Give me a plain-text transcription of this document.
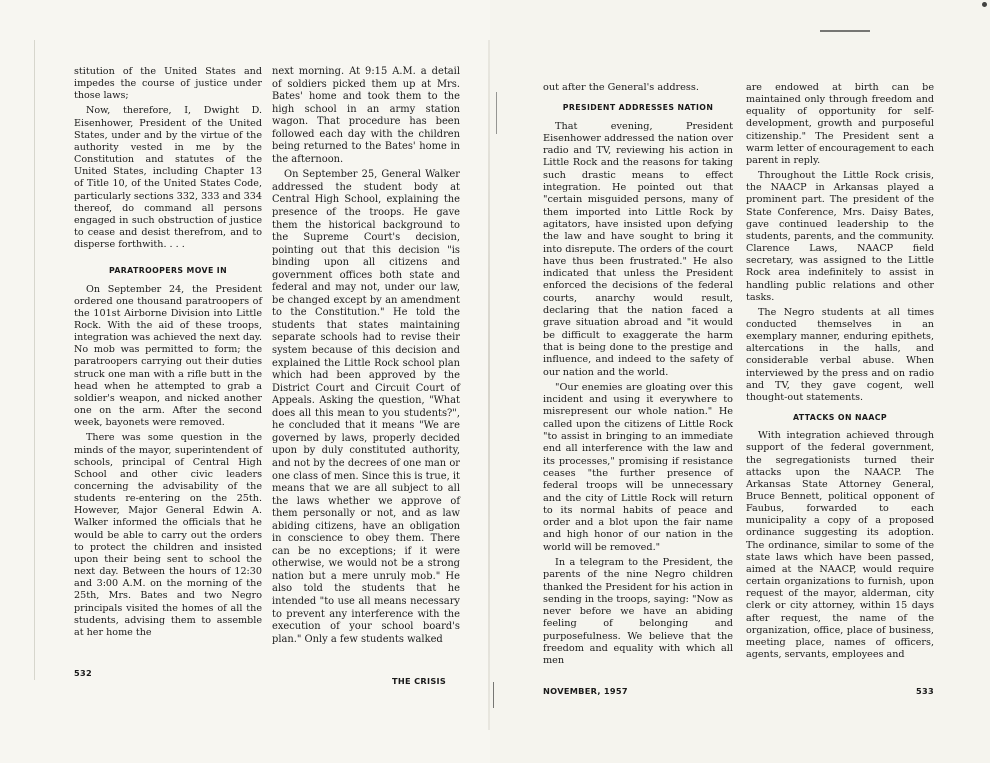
stitution of the United States and impedes the course of justice under those laws;

Now, therefore, I, Dwight D. Eisenhower, President of the United States, under and by the virtue of the authority vested in me by the Constitution and statutes of the United States, including Chapter 13 of Title 10, of the United States Code, particularly sections 332, 333 and 334 thereof, do command all persons engaged in such obstruction of justice to cease and desist therefrom, and to disperse forthwith. . . .

PARATROOPERS MOVE IN

On September 24, the President ordered one thousand paratroopers of the 101st Airborne Division into Little Rock. With the aid of these troops, integration was achieved the next day. No mob was permitted to form; the paratroopers carrying out their duties struck one man with a rifle butt in the head when he attempted to grab a soldier's weapon, and nicked another one on the arm. After the second week, bayonets were removed.

There was some question in the minds of the mayor, superintendent of schools, principal of Central High School and other civic leaders concerning the advisability of the students re-entering on the 25th. However, Major General Edwin A. Walker informed the officials that he would be able to carry out the orders to protect the children and insisted upon their being sent to school the next day. Between the hours of 12:30 and 3:00 A.M. on the morning of the 25th, Mrs. Bates and two Negro principals visited the homes of all the students, advising them to assemble at her home the

next morning. At 9:15 A.M. a detail of soldiers picked them up at Mrs. Bates' home and took them to the high school in an army station wagon. That procedure has been followed each day with the children being returned to the Bates' home in the afternoon.

On September 25, General Walker addressed the student body at Central High School, explaining the presence of the troops. He gave them the historical background to the Supreme Court's decision, pointing out that this decision "is binding upon all citizens and government offices both state and federal and may not, under our law, be changed except by an amendment to the Constitution." He told the students that states maintaining separate schools had to revise their system because of this decision and explained the Little Rock school plan which had been approved by the District Court and Circuit Court of Appeals. Asking the question, "What does all this mean to you students?", he concluded that it means "We are governed by laws, properly decided upon by duly constituted authority, and not by the decrees of one man or one class of men. Since this is true, it means that we are all subject to all the laws whether we approve of them personally or not, and as law abiding citizens, have an obligation in conscience to obey them. There can be no exceptions; if it were otherwise, we would not be a strong nation but a mere unruly mob." He also told the students that he intended "to use all means necessary to prevent any interference with the execution of your school board's plan." Only a few students walked

532
THE CRISIS

out after the General's address.

PRESIDENT ADDRESSES NATION

That evening, President Eisenhower addressed the nation over radio and TV, reviewing his action in Little Rock and the reasons for taking such drastic means to effect integration. He pointed out that "certain misguided persons, many of them imported into Little Rock by agitators, have insisted upon defying the law and have sought to bring it into disrepute. The orders of the court have thus been frustrated." He also indicated that unless the President enforced the decisions of the federal courts, anarchy would result, declaring that the nation faced a grave situation abroad and "it would be difficult to exaggerate the harm that is being done to the prestige and influence, and indeed to the safety of our nation and the world.

"Our enemies are gloating over this incident and using it everywhere to misrepresent our whole nation." He called upon the citizens of Little Rock "to assist in bringing to an immediate end all interference with the law and its processes," promising if resistance ceases "the further presence of federal troops will be unnecessary and the city of Little Rock will return to its normal habits of peace and order and a blot upon the fair name and high honor of our nation in the world will be removed."

In a telegram to the President, the parents of the nine Negro children thanked the President for his action in sending in the troops, saying: "Now as never before we have an abiding feeling of belonging and purposefulness. We believe that the freedom and equality with which all men

are endowed at birth can be maintained only through freedom and equality of opportunity for self-development, growth and purposeful citizenship." The President sent a warm letter of encouragement to each parent in reply.

Throughout the Little Rock crisis, the NAACP in Arkansas played a prominent part. The president of the State Conference, Mrs. Daisy Bates, gave continued leadership to the students, parents, and the community. Clarence Laws, NAACP field secretary, was assigned to the Little Rock area indefinitely to assist in handling public relations and other tasks.

The Negro students at all times conducted themselves in an exemplary manner, enduring epithets, altercations in the halls, and considerable verbal abuse. When interviewed by the press and on radio and TV, they gave cogent, well thought-out statements.

ATTACKS ON NAACP

With integration achieved through support of the federal government, the segregationists turned their attacks upon the NAACP. The Arkansas State Attorney General, Bruce Bennett, political opponent of Faubus, forwarded to each municipality a copy of a proposed ordinance suggesting its adoption. The ordinance, similar to some of the state laws which have been passed, aimed at the NAACP, would require certain organizations to furnish, upon request of the mayor, alderman, city clerk or city attorney, within 15 days after request, the name of the organization, office, place of business, meeting place, names of officers, agents, servants, employees and

NOVEMBER, 1957	533
